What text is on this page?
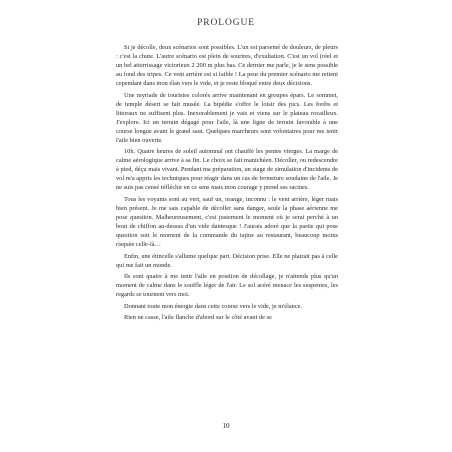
PROLOGUE

Si je décolle, deux scénarios sont possibles. L'un est parsemé de douleurs, de pleurs : c'est la chute. L'autre scénario est plein de sourires, d'exultation. C'est un vol (réel et un bel atterrissage victorieux 2 200 m plus bas. Ce dernier me parle, je le sens possible au fond des tripes. Ce vent arrière est si faible ! La peur du premier scénario me retient cependant dans mon élan vers le vide, et je reste bloqué entre deux décisions.

Une myriade de touristes colorés arrive maintenant en groupes épars. Le sommet, de temple désert se fait musée. La bipédie s'offre le loisir des pics. Les forêts et littoraux ne suffisent plus. Inexorablement je vais et viens sur le plateau rocailleux. J'explore. Ici un terrain dégagé pour l'aile, là une ligne de terrain favorable à une course longue avant le grand saut. Quelques marcheurs sont volontaires pour me tenir l'aile bien ouverte.

10h. Quatre heures de soleil automnal ont chauffé les pentes vierges. La marge de calme aérologique arrive à sa fin. Le choix se fait manichéen. Décoller, ou redescendre à pied, déçu mais vivant. Pendant ma préparation, un stage de simulation d'incidents de vol m'a appris les techniques pour réagir dans un cas de fermeture soudaine de l'aile. Je ne suis pas censé réfléchir en ce sens mais mon courage y prend ses racines.

Tous les voyants sont au vert, sauf un, orange, inconnu : le vent arrière, léger mais bien présent. Je me sais capable de décoller sans danger, seule la phase aérienne me pose question. Malheureusement, c'est justement le moment où je serai perché à un bout de chiffon au-dessus d'un vide dantesque ! J'aurais adoré que la partie qui pose question soit le moment de la commande du tajine au restaurant, beaucoup moins risquée celle-là…

Enfin, une étincelle s'allume quelque part. Décision prise. Elle ne plairait pas à celle qui me fait un monde.

Ils sont quatre à me tenir l'aile en position de décollage, je n'attends plus qu'un moment de calme dans le souffle léger de l'air. Le sol acéré menace les suspentes, les regards se tournent vers moi.

Donnant toute mon énergie dans cette course vers le vide, je m'élance.

Rien ne casse, l'aile flanche d'abord sur le côté avant de se

10
